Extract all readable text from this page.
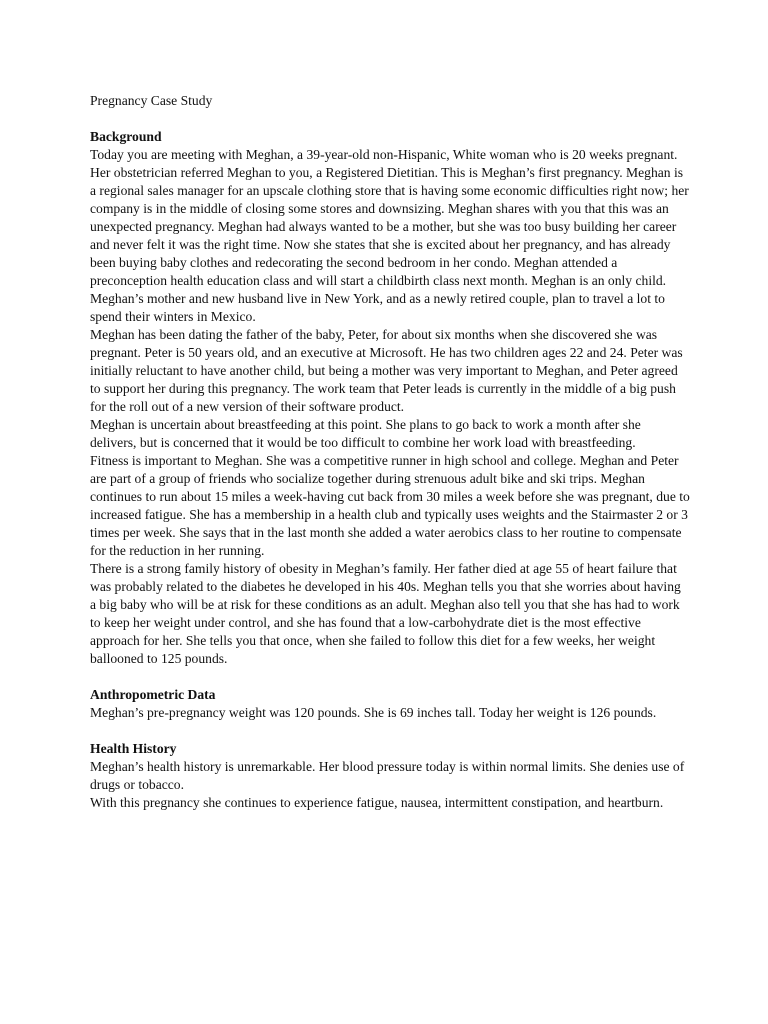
Pregnancy Case Study
Background

Today you are meeting with Meghan, a 39-year-old non-Hispanic, White woman who is 20 weeks pregnant. Her obstetrician referred Meghan to you, a Registered Dietitian. This is Meghan’s first pregnancy. Meghan is a regional sales manager for an upscale clothing store that is having some economic difficulties right now; her company is in the middle of closing some stores and downsizing. Meghan shares with you that this was an unexpected pregnancy. Meghan had always wanted to be a mother, but she was too busy building her career and never felt it was the right time. Now she states that she is excited about her pregnancy, and has already been buying baby clothes and redecorating the second bedroom in her condo. Meghan attended a preconception health education class and will start a childbirth class next month. Meghan is an only child. Meghan’s mother and new husband live in New York, and as a newly retired couple, plan to travel a lot to spend their winters in Mexico.

Meghan has been dating the father of the baby, Peter, for about six months when she discovered she was pregnant. Peter is 50 years old, and an executive at Microsoft. He has two children ages 22 and 24. Peter was initially reluctant to have another child, but being a mother was very important to Meghan, and Peter agreed to support her during this pregnancy. The work team that Peter leads is currently in the middle of a big push for the roll out of a new version of their software product.

Meghan is uncertain about breastfeeding at this point. She plans to go back to work a month after she delivers, but is concerned that it would be too difficult to combine her work load with breastfeeding.

Fitness is important to Meghan. She was a competitive runner in high school and college. Meghan and Peter are part of a group of friends who socialize together during strenuous adult bike and ski trips. Meghan continues to run about 15 miles a week-having cut back from 30 miles a week before she was pregnant, due to increased fatigue. She has a membership in a health club and typically uses weights and the Stairmaster 2 or 3 times per week. She says that in the last month she added a water aerobics class to her routine to compensate for the reduction in her running.

There is a strong family history of obesity in Meghan’s family. Her father died at age 55 of heart failure that was probably related to the diabetes he developed in his 40s. Meghan tells you that she worries about having a big baby who will be at risk for these conditions as an adult. Meghan also tell you that she has had to work to keep her weight under control, and she has found that a low-carbohydrate diet is the most effective approach for her. She tells you that once, when she failed to follow this diet for a few weeks, her weight ballooned to 125 pounds.

Anthropometric Data

Meghan’s pre-pregnancy weight was 120 pounds. She is 69 inches tall. Today her weight is 126 pounds.

Health History

Meghan’s health history is unremarkable. Her blood pressure today is within normal limits. She denies use of drugs or tobacco.

With this pregnancy she continues to experience fatigue, nausea, intermittent constipation, and heartburn.
